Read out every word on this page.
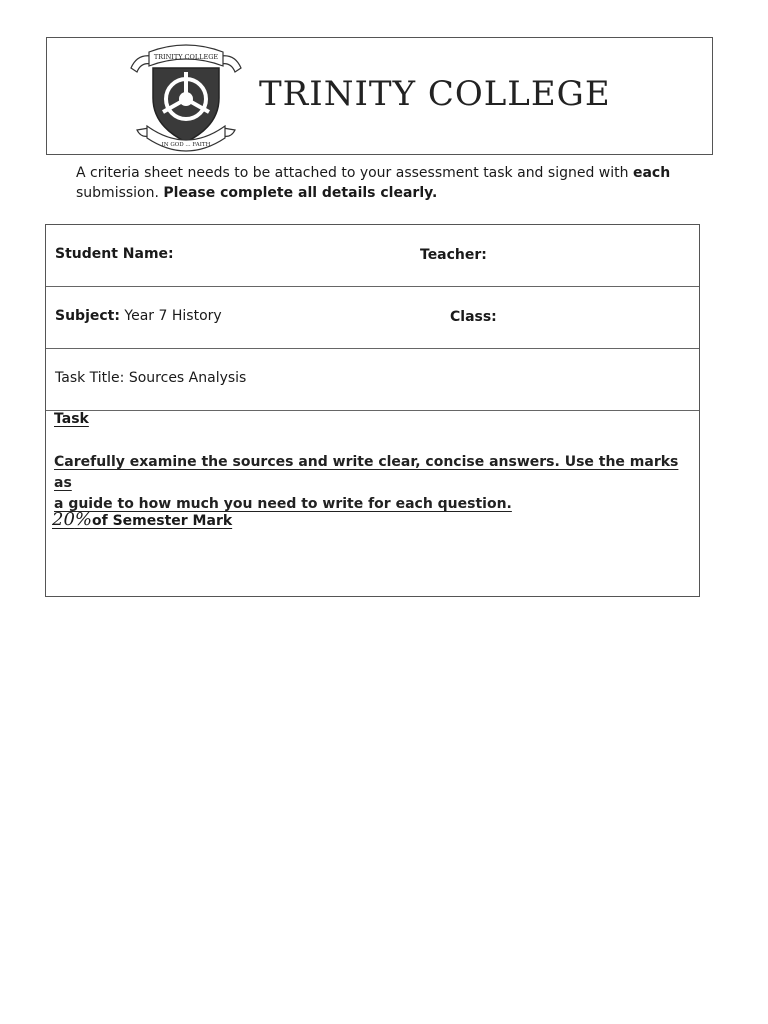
TRINITY COLLEGE
IN GOD ... FAITH
TRINITY COLLEGE
A criteria sheet needs to be attached to your assessment task and signed with each
submission. Please complete all details clearly.
Student Name:	Teacher:
Subject: Year 7 History	Class:
Task Title: Sources Analysis
Task
Carefully examine the sources and write clear, concise answers. Use the marks as
a guide to how much you need to write for each question.
20%of Semester Mark
